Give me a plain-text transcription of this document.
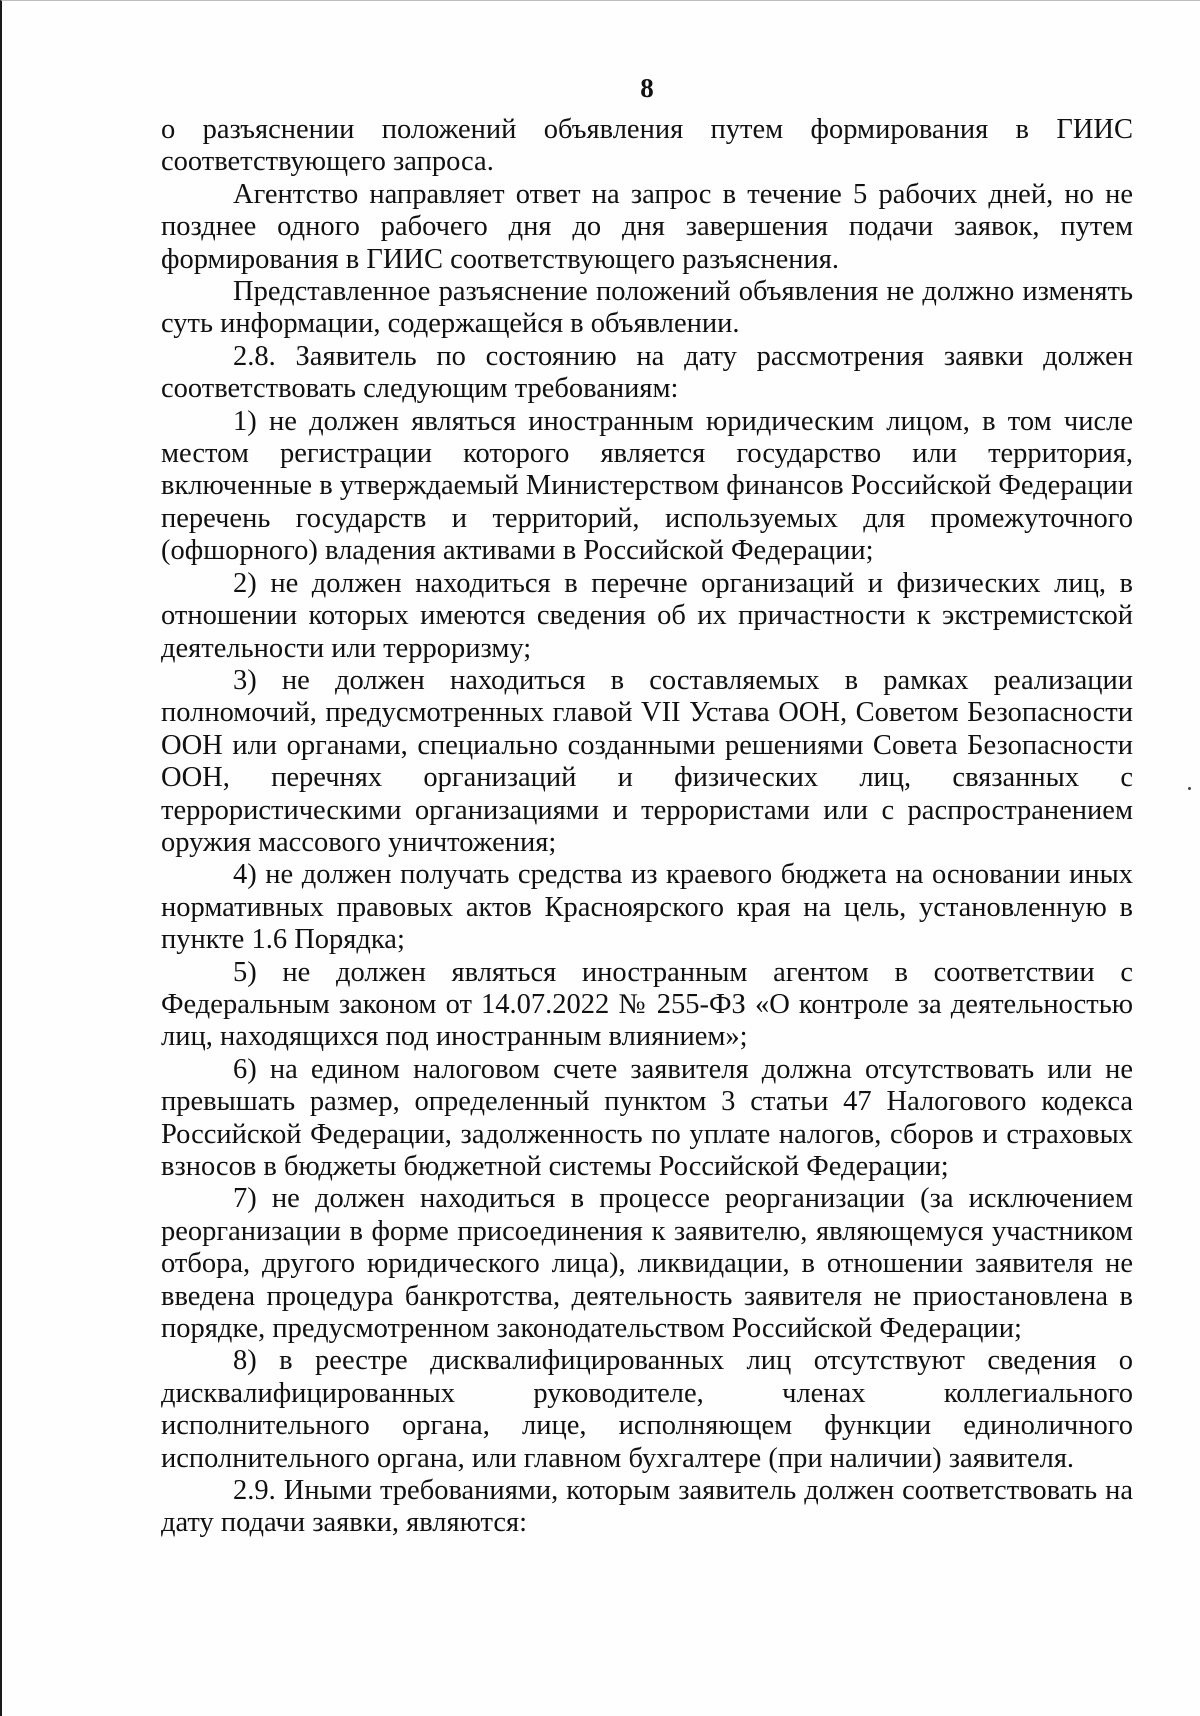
8

о разъяснении положений объявления путем формирования в ГИИС соответствующего запроса.

Агентство направляет ответ на запрос в течение 5 рабочих дней, но не позднее одного рабочего дня до дня завершения подачи заявок, путем формирования в ГИИС соответствующего разъяснения.

Представленное разъяснение положений объявления не должно изменять суть информации, содержащейся в объявлении.

2.8. Заявитель по состоянию на дату рассмотрения заявки должен соответствовать следующим требованиям:

1) не должен являться иностранным юридическим лицом, в том числе местом регистрации которого является государство или территория, включенные в утверждаемый Министерством финансов Российской Федерации перечень государств и территорий, используемых для промежуточного (офшорного) владения активами в Российской Федерации;

2) не должен находиться в перечне организаций и физических лиц, в отношении которых имеются сведения об их причастности к экстремистской деятельности или терроризму;

3) не должен находиться в составляемых в рамках реализации полномочий, предусмотренных главой VII Устава ООН, Советом Безопасности ООН или органами, специально созданными решениями Совета Безопасности ООН, перечнях организаций и физических лиц, связанных с террористическими организациями и террористами или с распространением оружия массового уничтожения;

4) не должен получать средства из краевого бюджета на основании иных нормативных правовых актов Красноярского края на цель, установленную в пункте 1.6 Порядка;

5) не должен являться иностранным агентом в соответствии с Федеральным законом от 14.07.2022 № 255-ФЗ «О контроле за деятельностью лиц, находящихся под иностранным влиянием»;

6) на едином налоговом счете заявителя должна отсутствовать или не превышать размер, определенный пунктом 3 статьи 47 Налогового кодекса Российской Федерации, задолженность по уплате налогов, сборов и страховых взносов в бюджеты бюджетной системы Российской Федерации;

7) не должен находиться в процессе реорганизации (за исключением реорганизации в форме присоединения к заявителю, являющемуся участником отбора, другого юридического лица), ликвидации, в отношении заявителя не введена процедура банкротства, деятельность заявителя не приостановлена в порядке, предусмотренном законодательством Российской Федерации;

8) в реестре дисквалифицированных лиц отсутствуют сведения о дисквалифицированных руководителе, членах коллегиального исполнительного органа, лице, исполняющем функции единоличного исполнительного органа, или главном бухгалтере (при наличии) заявителя.

2.9. Иными требованиями, которым заявитель должен соответствовать на дату подачи заявки, являются:
